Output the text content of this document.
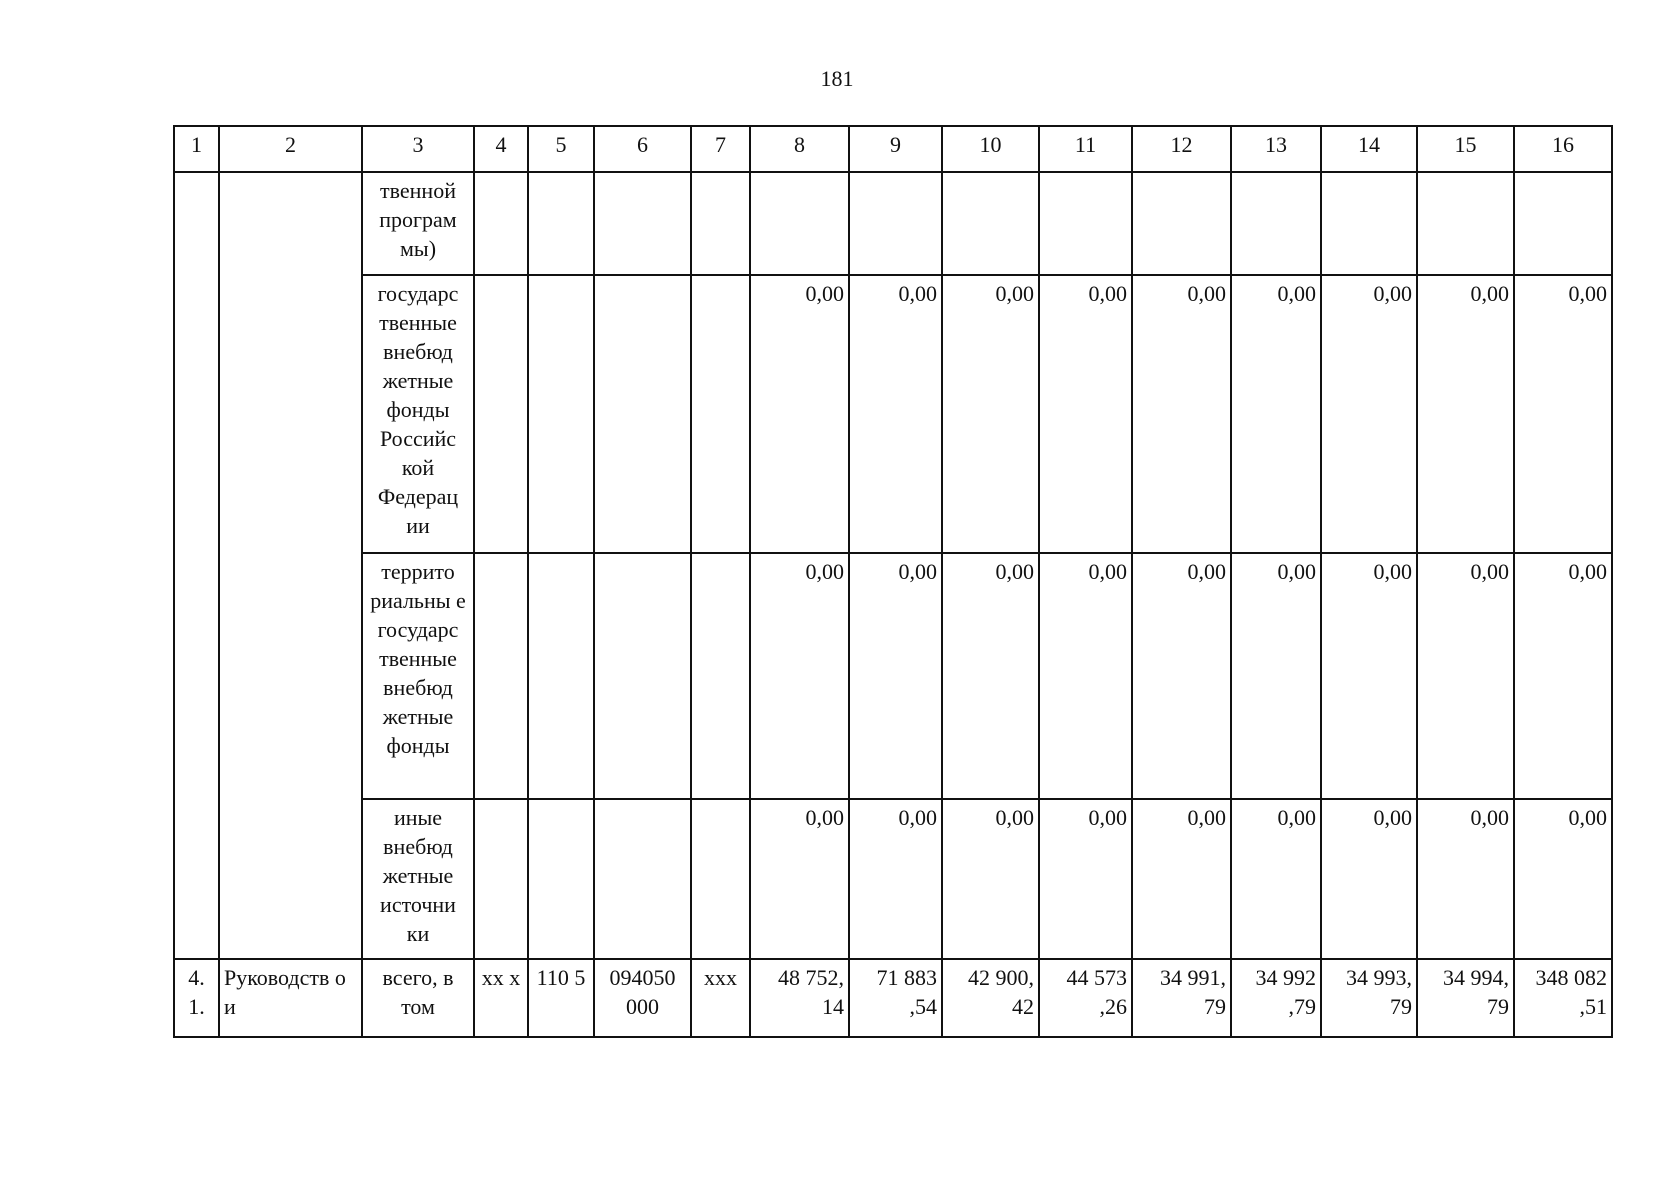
181
1	2	3	4	5	6	7	8	9	10	11	12	13	14	15	16
		твенной програм мы)													
		государс твенные внебюд жетные фонды Российс кой Федерац ии					0,00	0,00	0,00	0,00	0,00	0,00	0,00	0,00	0,00
		террито риальны е государс твенные внебюд жетные фонды					0,00	0,00	0,00	0,00	0,00	0,00	0,00	0,00	0,00
		иные внебюд жетные источни ки					0,00	0,00	0,00	0,00	0,00	0,00	0,00	0,00	0,00
4. 1.	Руководств о и	всего, в том	хх х	110 5	094050 000	ххх	48 752, 14	71 883 ,54	42 900, 42	44 573 ,26	34 991, 79	34 992 ,79	34 993, 79	34 994, 79	348 082 ,51
